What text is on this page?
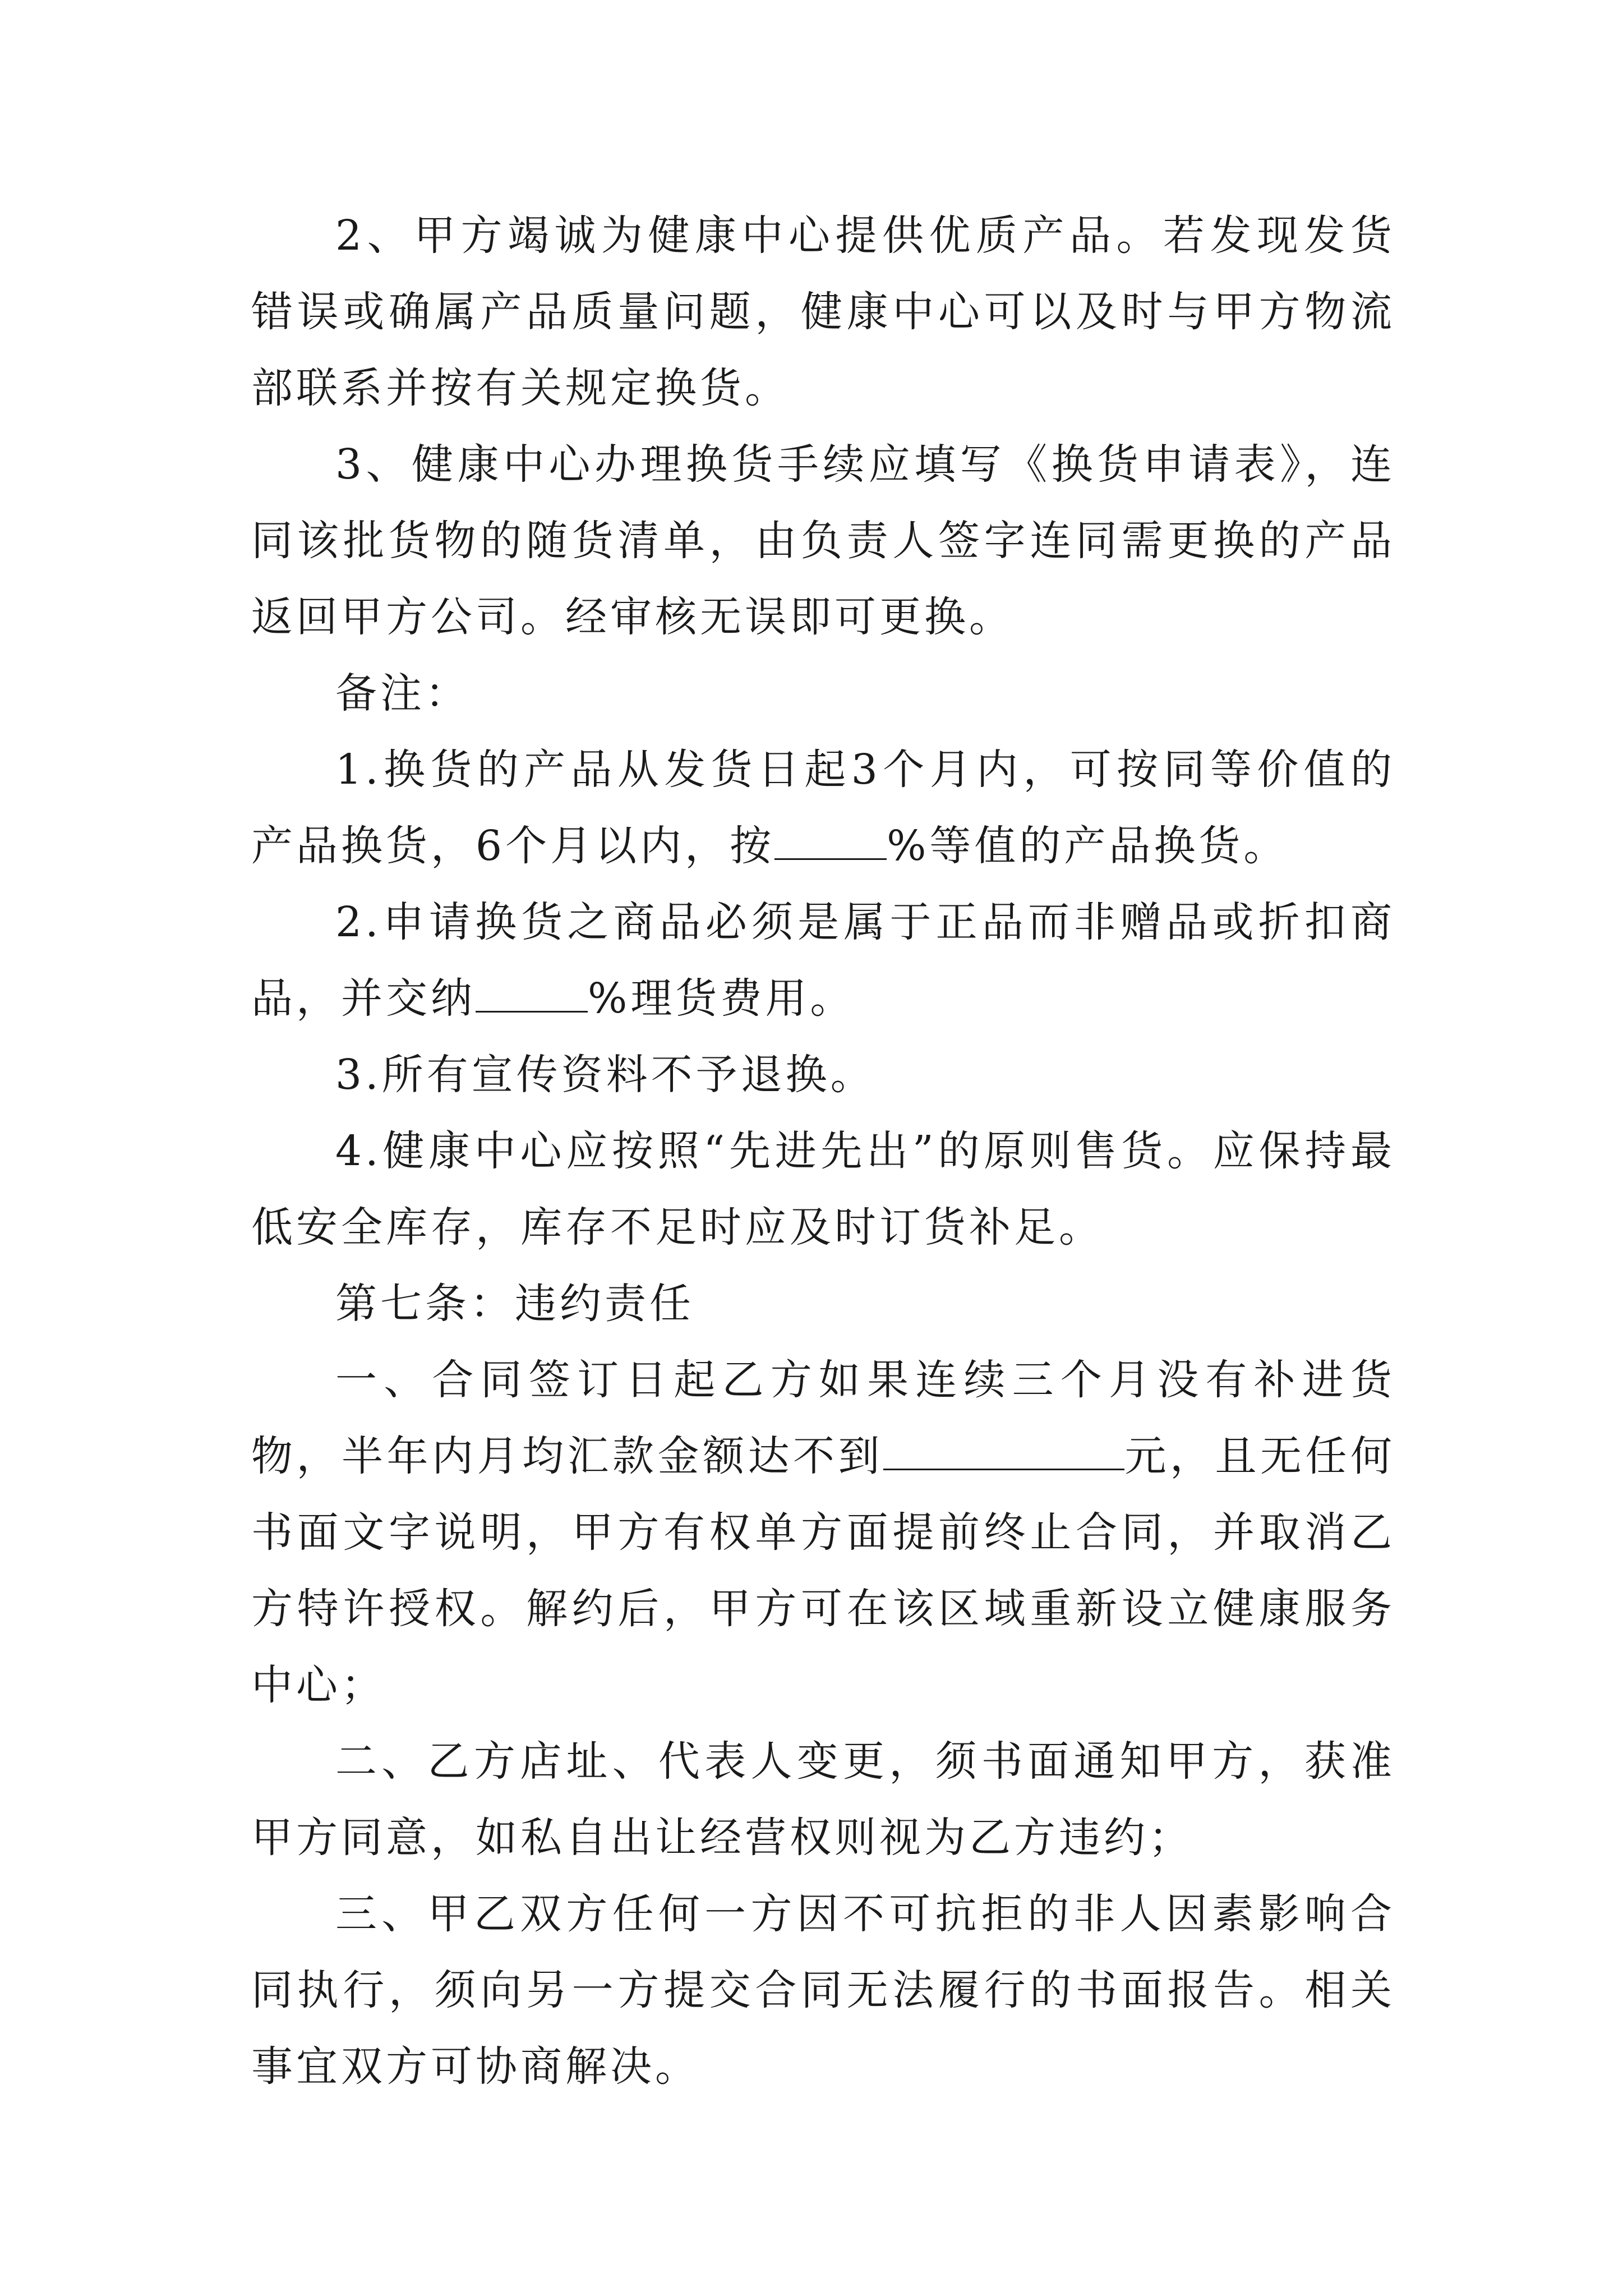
2、甲方竭诚为健康中心提供优质产品。若发现发货错误或确属产品质量问题，健康中心可以及时与甲方物流部联系并按有关规定换货。

3、健康中心办理换货手续应填写《换货申请表》，连同该批货物的随货清单，由负责人签字连同需更换的产品返回甲方公司。经审核无误即可更换。

备注：

1.换货的产品从发货日起3个月内，可按同等价值的产品换货，6个月以内，按	%等值的产品换货。

2.申请换货之商品必须是属于正品而非赠品或折扣商品，并交纳	%理货费用。

3.所有宣传资料不予退换。

4.健康中心应按照“先进先出”的原则售货。应保持最低安全库存，库存不足时应及时订货补足。

第七条：违约责任

一、合同签订日起乙方如果连续三个月没有补进货物，半年内月均汇款金额达不到	元，且无任何书面文字说明，甲方有权单方面提前终止合同，并取消乙方特许授权。解约后，甲方可在该区域重新设立健康服务中心；

二、乙方店址、代表人变更，须书面通知甲方，获准甲方同意，如私自出让经营权则视为乙方违约；

三、甲乙双方任何一方因不可抗拒的非人因素影响合同执行，须向另一方提交合同无法履行的书面报告。相关事宜双方可协商解决。
